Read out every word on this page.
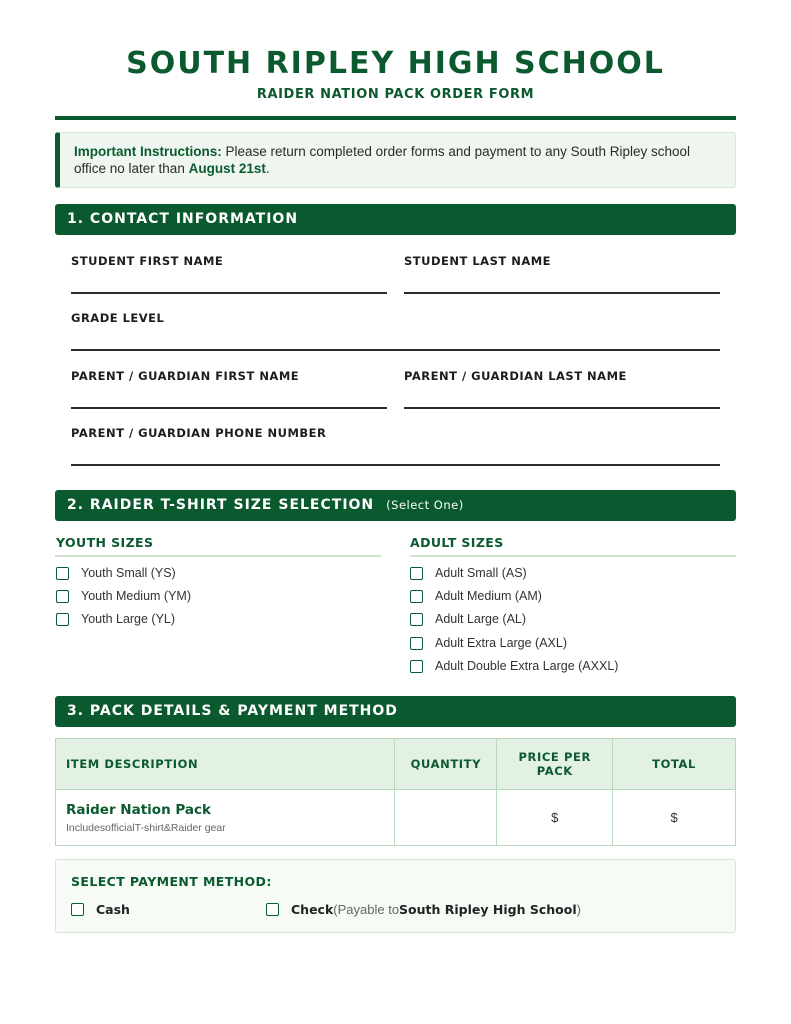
SOUTH RIPLEY HIGH SCHOOL
RAIDER NATION PACK ORDER FORM
Important Instructions: Please return completed order forms and payment to any South Ripley school office no later than August 21st.
1. CONTACT INFORMATION
STUDENT FIRST NAME	STUDENT LAST NAME
GRADE LEVEL
PARENT / GUARDIAN FIRST NAME	PARENT / GUARDIAN LAST NAME
PARENT / GUARDIAN PHONE NUMBER
2. RAIDER T-SHIRT SIZE SELECTION (Select One)
YOUTH SIZES	ADULT SIZES
Youth Small (YS)
Youth Medium (YM)
Youth Large (YL)
Adult Small (AS)
Adult Medium (AM)
Adult Large (AL)
Adult Extra Large (AXL)
Adult Double Extra Large (AXXL)
3. PACK DETAILS & PAYMENT METHOD
ITEM DESCRIPTION	QUANTITY	PRICE PER PACK	TOTAL

Raider Nation Pack
IncludesofficialT-shirt&Raider gear		$	$
SELECT PAYMENT METHOD:
Cash	Check (Payable to South Ripley High School )
